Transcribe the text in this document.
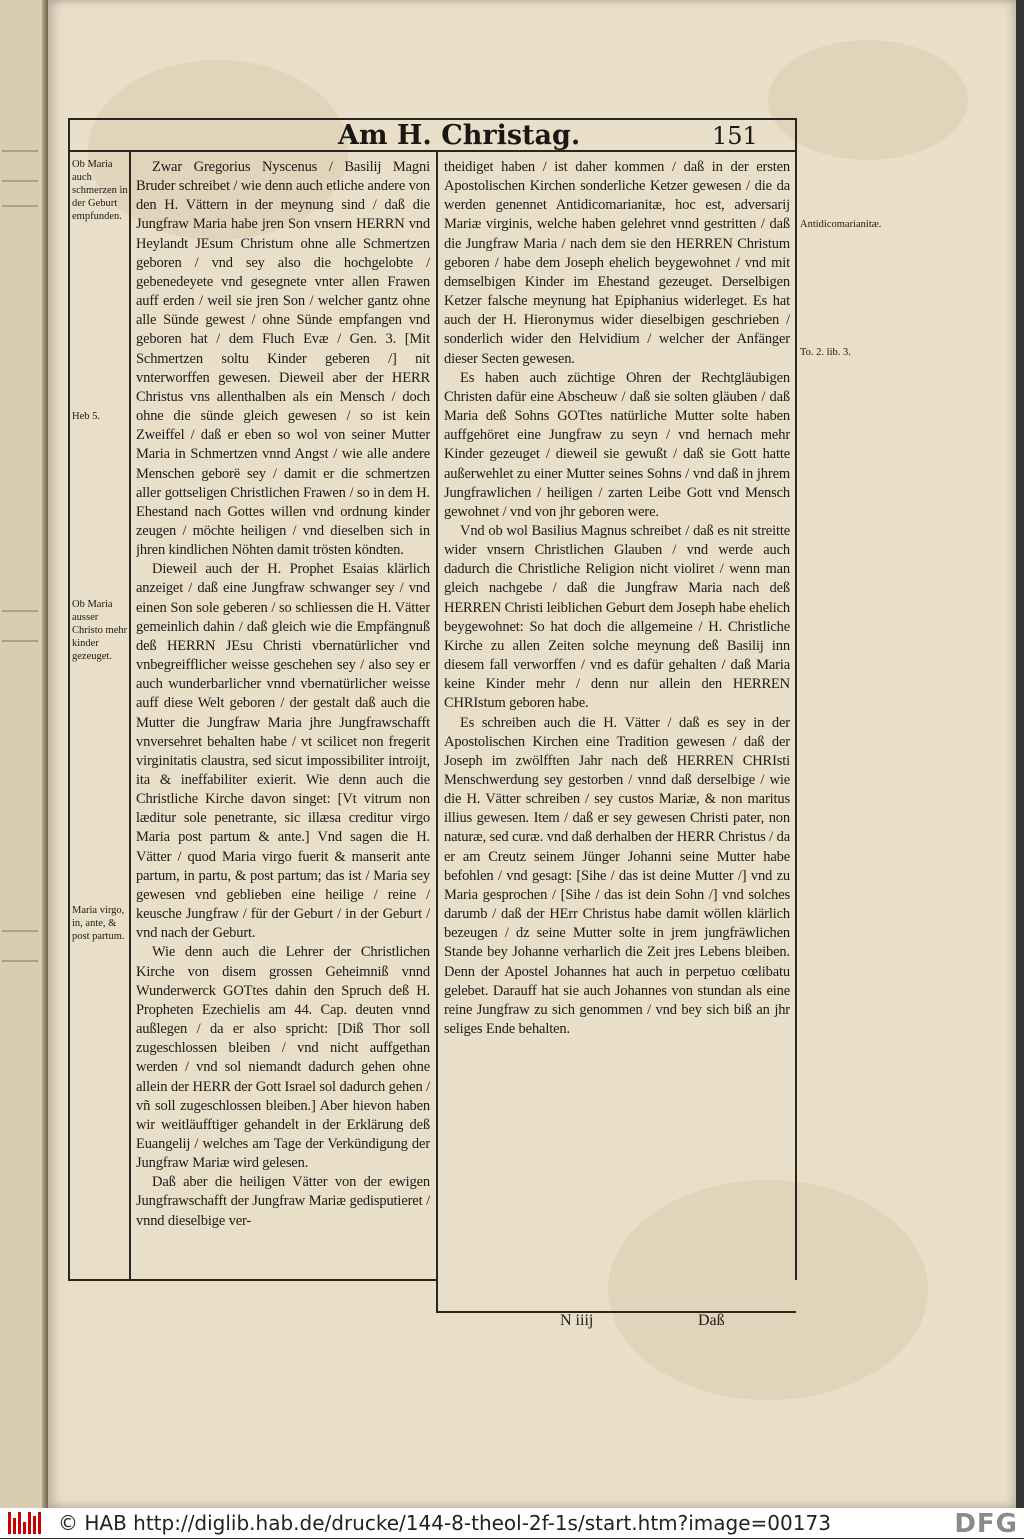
Am H. Christag.	151
Ob Maria auch schmerzen in der Geburt empfunden.
Heb 5.
Ob Maria ausser Christo mehr kinder gezeuget.
Maria virgo, in, ante, & post partum.
Antidicomarianitæ.
To. 2. lib. 3.

Zwar Gregorius Nyscenus / Basilij Magni Bruder schreibet / wie denn auch etliche andere von den H. Vättern in der meynung sind / daß die Jungfraw Maria habe jren Son vnsern HERRN vnd Heylandt JEsum Christum ohne alle Schmertzen geboren / vnd sey also die hochgelobte / gebenedeyete vnd gesegnete vnter allen Frawen auff erden / weil sie jren Son / welcher gantz ohne alle Sünde gewest / ohne Sünde empfangen vnd geboren hat / dem Fluch Evæ / Gen. 3. [Mit Schmertzen soltu Kinder geberen /] nit vnterworffen gewesen. Dieweil aber der HERR Christus vns allenthalben als ein Mensch / doch ohne die sünde gleich gewesen / so ist kein Zweiffel / daß er eben so wol von seiner Mutter Maria in Schmertzen vnnd Angst / wie alle andere Menschen geborë sey / damit er die schmertzen aller gottseligen Christlichen Frawen / so in dem H. Ehestand nach Gottes willen vnd ordnung kinder zeugen / möchte heiligen / vnd dieselben sich in jhren kindlichen Nöhten damit trösten köndten.

Dieweil auch der H. Prophet Esaias klärlich anzeiget / daß eine Jungfraw schwanger sey / vnd einen Son sole geberen / so schliessen die H. Vätter gemeinlich dahin / daß gleich wie die Empfängnuß deß HERRN JEsu Christi vbernatürlicher vnd vnbegreifflicher weisse geschehen sey / also sey er auch wunderbarlicher vnnd vbernatürlicher weisse auff diese Welt geboren / der gestalt daß auch die Mutter die Jungfraw Maria jhre Jungfrawschafft vnversehret behalten habe / vt scilicet non fregerit virginitatis claustra, sed sicut impossibiliter introijt, ita & ineffabiliter exierit. Wie denn auch die Christliche Kirche davon singet: [Vt vitrum non læditur sole penetrante, sic illæsa creditur virgo Maria post partum & ante.] Vnd sagen die H. Vätter / quod Maria virgo fuerit & manserit ante partum, in partu, & post partum; das ist / Maria sey gewesen vnd geblieben eine heilige / reine / keusche Jungfraw / für der Geburt / in der Geburt / vnd nach der Geburt.

Wie denn auch die Lehrer der Christlichen Kirche von disem grossen Geheimniß vnnd Wunderwerck GOTtes dahin den Spruch deß H. Propheten Ezechielis am 44. Cap. deuten vnnd außlegen / da er also spricht: [Diß Thor soll zugeschlossen bleiben / vnd nicht auffgethan werden / vnd sol niemandt dadurch gehen ohne allein der HERR der Gott Israel sol dadurch gehen / vñ soll zugeschlossen bleiben.] Aber hievon haben wir weitläufftiger gehandelt in der Erklärung deß Euangelij / welches am Tage der Verkündigung der Jungfraw Mariæ wird gelesen.

Daß aber die heiligen Vätter von der ewigen Jungfrawschafft der Jungfraw Mariæ gedisputieret / vnnd dieselbige ver-

theidiget haben / ist daher kommen / daß in der ersten Apostolischen Kirchen sonderliche Ketzer gewesen / die da werden genennet Antidicomarianitæ, hoc est, adversarij Mariæ virginis, welche haben gelehret vnnd gestritten / daß die Jungfraw Maria / nach dem sie den HERREN Christum geboren / habe dem Joseph ehelich beygewohnet / vnd mit demselbigen Kinder im Ehestand gezeuget. Derselbigen Ketzer falsche meynung hat Epiphanius widerleget. Es hat auch der H. Hieronymus wider dieselbigen geschrieben / sonderlich wider den Helvidium / welcher der Anfänger dieser Secten gewesen.

Es haben auch züchtige Ohren der Rechtgläubigen Christen dafür eine Abscheuw / daß sie solten gläuben / daß Maria deß Sohns GOTtes natürliche Mutter solte haben auffgehöret eine Jungfraw zu seyn / vnd hernach mehr Kinder gezeuget / dieweil sie gewußt / daß sie Gott hatte außerwehlet zu einer Mutter seines Sohns / vnd daß in jhrem Jungfrawlichen / heiligen / zarten Leibe Gott vnd Mensch gewohnet / vnd von jhr geboren were.

Vnd ob wol Basilius Magnus schreibet / daß es nit streitte wider vnsern Christlichen Glauben / vnd werde auch dadurch die Christliche Religion nicht violiret / wenn man gleich nachgebe / daß die Jungfraw Maria nach deß HERREN Christi leiblichen Geburt dem Joseph habe ehelich beygewohnet: So hat doch die allgemeine / H. Christliche Kirche zu allen Zeiten solche meynung deß Basilij inn diesem fall verworffen / vnd es dafür gehalten / daß Maria keine Kinder mehr / denn nur allein den HERREN CHRIstum geboren habe.

Es schreiben auch die H. Vätter / daß es sey in der Apostolischen Kirchen eine Tradition gewesen / daß der Joseph im zwölfften Jahr nach deß HERREN CHRIsti Menschwerdung sey gestorben / vnnd daß derselbige / wie die H. Vätter schreiben / sey custos Mariæ, & non maritus illius gewesen. Item / daß er sey gewesen Christi pater, non naturæ, sed curæ. vnd daß derhalben der HERR Christus / da er am Creutz seinem Jünger Johanni seine Mutter habe befohlen / vnd gesagt: [Sihe / das ist deine Mutter /] vnd zu Maria gesprochen / [Sihe / das ist dein Sohn /] vnd solches darumb / daß der HErr Christus habe damit wöllen klärlich bezeugen / dz seine Mutter solte in jrem jungfräwlichen Stande bey Johanne verharlich die Zeit jres Lebens bleiben. Denn der Apostel Johannes hat auch in perpetuo cœlibatu gelebet. Darauff hat sie auch Johannes von stundan als eine reine Jungfraw zu sich genommen / vnd bey sich biß an jhr seliges Ende behalten.

N iiij	Daß
© HAB http://diglib.hab.de/drucke/144-8-theol-2f-1s/start.htm?image=00173	DFG
